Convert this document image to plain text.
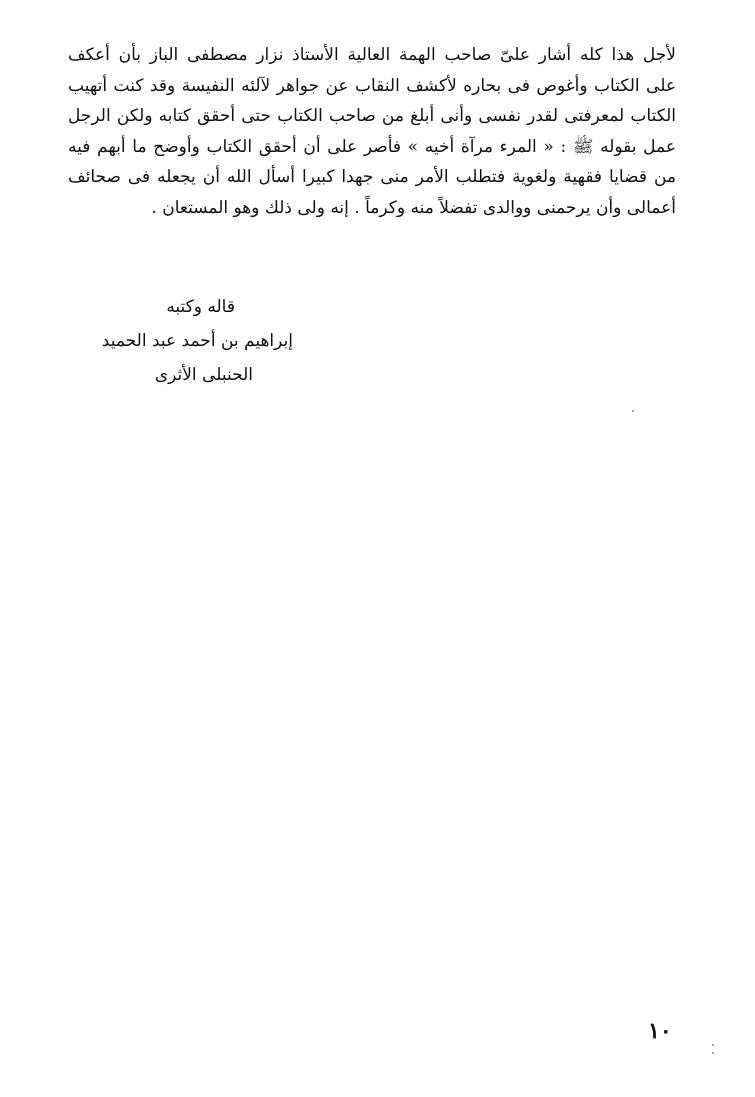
لأجل هذا كله أشار علىّ صاحب الهمة العالية الأستاذ نزار مصطفى الباز بأن أعكف
على الكتاب وأغوص فى بحاره لأكشف النقاب عن جواهر لآلئه النفيسة وقد كنت أتهيب
الكتاب لمعرفتى لقدر نفسى وأنى أبلغ من صاحب الكتاب حتى أحقق كتابه ولكن الرجل
عمل بقوله ﷺ : « المرء مرآة أخيه » فأصر على أن أحقق الكتاب وأوضح ما أبهم فيه
من قضايا فقهية ولغوية فتطلب الأمر منى جهدا كبيرا أسأل الله أن يجعله فى صحائف
أعمالى وأن يرحمنى ووالدى تفضلاً منه وكرماً . إنه ولى ذلك وهو المستعان .
قاله وكتبه
إبراهيم بن أحمد عبد الحميد
الحنبلى الأثرى
١٠
